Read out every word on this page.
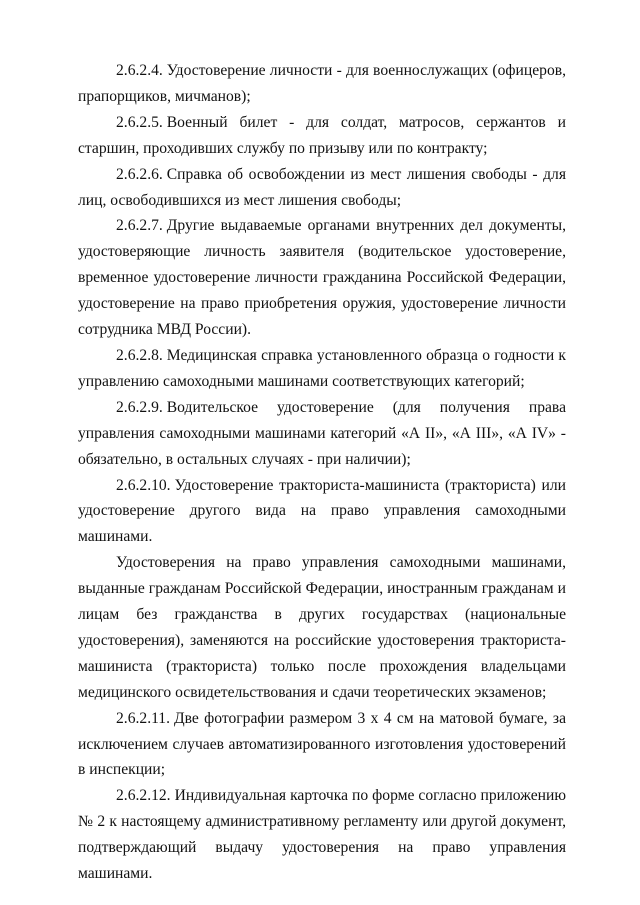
2.6.2.4. Удостоверение личности - для военнослужащих (офицеров, прапорщиков, мичманов);

2.6.2.5. Военный билет - для солдат, матросов, сержантов и старшин, проходивших службу по призыву или по контракту;

2.6.2.6. Справка об освобождении из мест лишения свободы - для лиц, освободившихся из мест лишения свободы;

2.6.2.7. Другие выдаваемые органами внутренних дел документы, удостоверяющие личность заявителя (водительское удостоверение, временное удостоверение личности гражданина Российской Федерации, удостоверение на право приобретения оружия, удостоверение личности сотрудника МВД России).

2.6.2.8. Медицинская справка установленного образца о годности к управлению самоходными машинами соответствующих категорий;

2.6.2.9. Водительское удостоверение (для получения права управления самоходными машинами категорий «А II», «А III», «А IV» - обязательно, в остальных случаях - при наличии);

2.6.2.10. Удостоверение тракториста-машиниста (тракториста) или удостоверение другого вида на право управления самоходными машинами.

Удостоверения на право управления самоходными машинами, выданные гражданам Российской Федерации, иностранным гражданам и лицам без гражданства в других государствах (национальные удостоверения), заменяются на российские удостоверения тракториста-машиниста (тракториста) только после прохождения владельцами медицинского освидетельствования и сдачи теоретических экзаменов;

2.6.2.11. Две фотографии размером 3 х 4 см на матовой бумаге, за исключением случаев автоматизированного изготовления удостоверений в инспекции;

2.6.2.12. Индивидуальная карточка по форме согласно приложению № 2 к настоящему административному регламенту или другой документ, подтверждающий выдачу удостоверения на право управления машинами.
